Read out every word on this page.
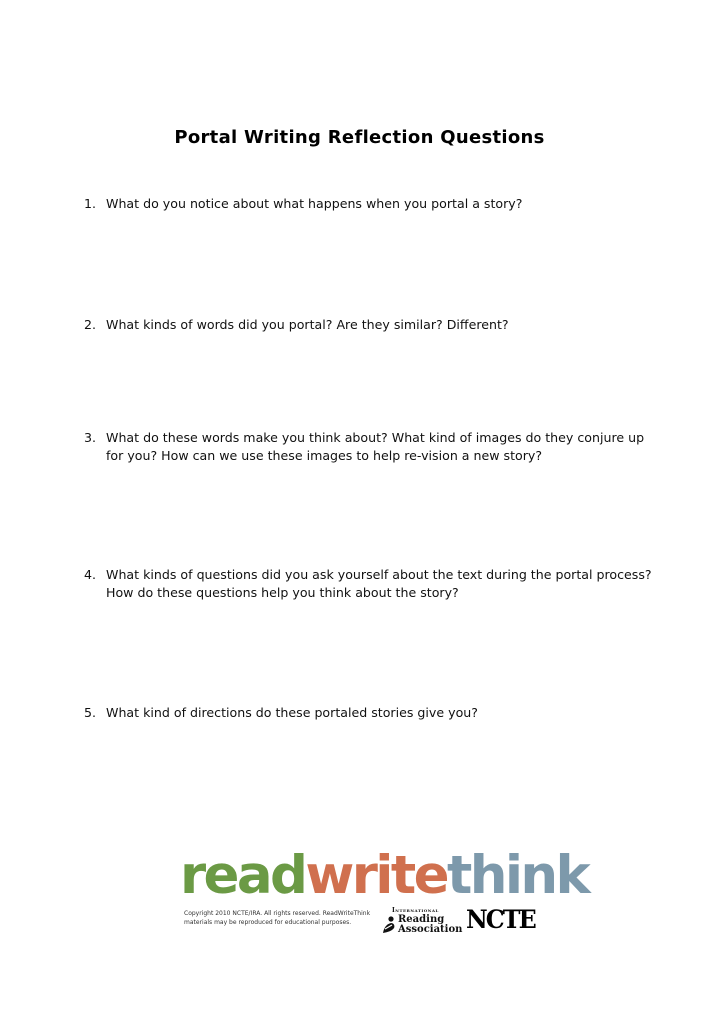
Portal Writing Reflection Questions
1. What do you notice about what happens when you portal a story?
2. What kinds of words did you portal? Are they similar? Different?
3. What do these words make you think about? What kind of images do they conjure up for you? How can we use these images to help re-vision a new story?
4. What kinds of questions did you ask yourself about the text during the portal process? How do these questions help you think about the story?
5. What kind of directions do these portaled stories give you?
readwritethink
Copyright 2010 NCTE/IRA. All rights reserved. ReadWriteThink
materials may be reproduced for educational purposes.
International
Reading
Association NCTE
